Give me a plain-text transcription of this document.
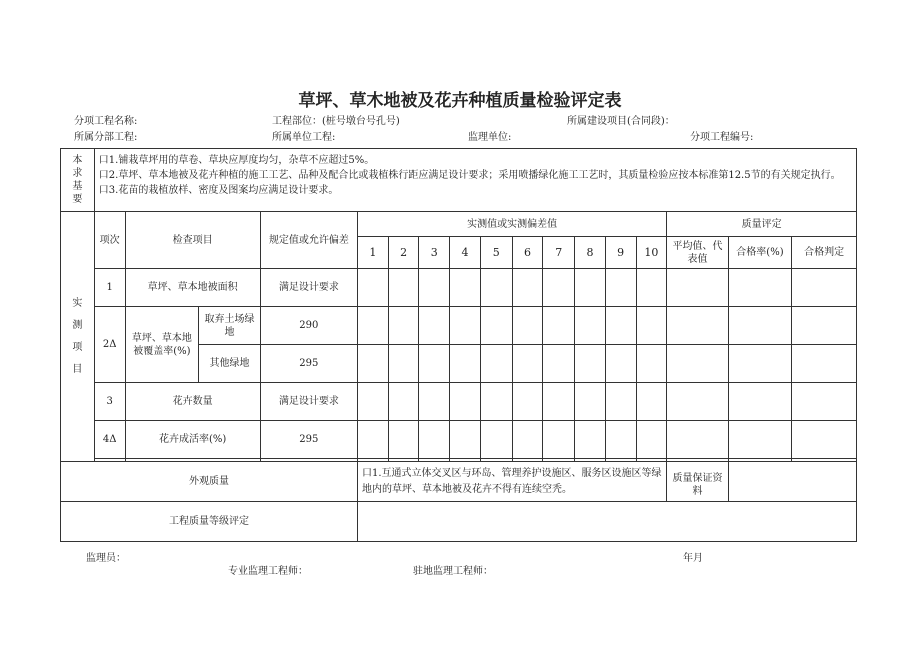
草坪、草木地被及花卉种植质量检验评定表
分项工程名称:	工程部位：(桩号墩台号孔号)	所属建设项目(合同段)：
所属分部工程:	所属单位工程:	监理单位:	分项工程编号:
本求基要	口1.铺栽草坪用的草卷、草块应厚度均匀，杂草不应超过5%。
口2.草坪、草本地被及花卉种植的施工工艺、品种及配合比或栽植株行距应满足设计要求；采用喷播绿化施工工艺时，其质量检验应按本标准第12.5节的有关规定执行。
口3.花苗的栽植放样、密度及图案均应满足设计要求。																

实测项目	项次	检查项目		规定值或允许偏差	实测值或实测偏差值										质量评定		
					1	2	3	4	5	6	7	8	9	10	平均值、代表值	合格率(%)	合格判定
	1	草坪、草本地被面积		满足设计要求													
	2Δ	草坪、草本地被覆盖率(%)	取弃土场绿地	290													
			其他绿地	295													
	3	花卉数量		满足设计要求													
	4Δ	花卉成活率(%)		295													

外观质量					口1.互通式立体交叉区与环岛、管理养护设施区、服务区设施区等绿地内的草坪、草本地被及花卉不得有连续空秃。										质量保证资料		
工程质量等级评定																	
监理员：	年月
专业监理工程师：	驻地监理工程师：
